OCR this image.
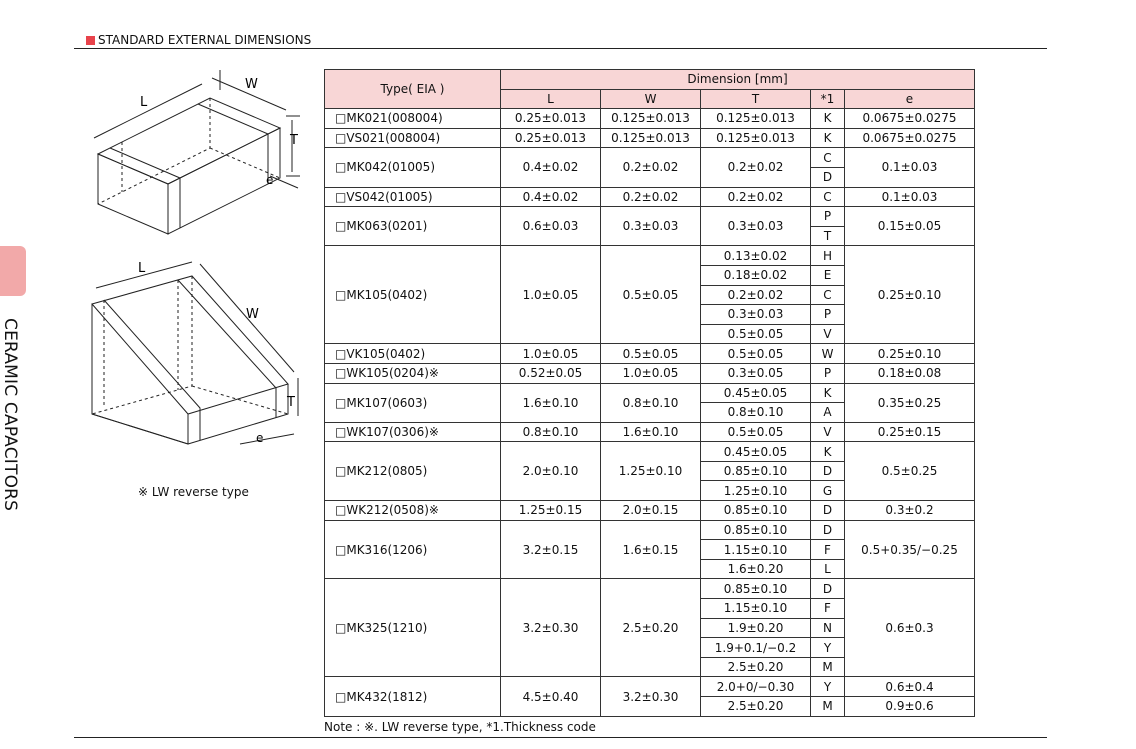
STANDARD EXTERNAL DIMENSIONS
CERAMIC CAPACITORS
L
W
T
e
L
W
T
e
※ LW reverse type
Type( EIA )	Dimension [mm]				
	L	W	T	*1	e
□MK021(008004)	0.25±0.013	0.125±0.013	0.125±0.013	K	0.0675±0.0275
□VS021(008004)	0.25±0.013	0.125±0.013	0.125±0.013	K	0.0675±0.0275
□MK042(01005)	0.4±0.02	0.2±0.02	0.2±0.02	C	0.1±0.03
				D	
□VS042(01005)	0.4±0.02	0.2±0.02	0.2±0.02	C	0.1±0.03
□MK063(0201)	0.6±0.03	0.3±0.03	0.3±0.03	P	0.15±0.05
				T	
□MK105(0402)	1.0±0.05	0.5±0.05	0.13±0.02	H	0.25±0.10
			0.18±0.02	E	
			0.2±0.02	C	
			0.3±0.03	P	
			0.5±0.05	V	
□VK105(0402)	1.0±0.05	0.5±0.05	0.5±0.05	W	0.25±0.10
□WK105(0204)※	0.52±0.05	1.0±0.05	0.3±0.05	P	0.18±0.08
□MK107(0603)	1.6±0.10	0.8±0.10	0.45±0.05	K	0.35±0.25
			0.8±0.10	A	
□WK107(0306)※	0.8±0.10	1.6±0.10	0.5±0.05	V	0.25±0.15
□MK212(0805)	2.0±0.10	1.25±0.10	0.45±0.05	K	0.5±0.25
			0.85±0.10	D	
			1.25±0.10	G	
□WK212(0508)※	1.25±0.15	2.0±0.15	0.85±0.10	D	0.3±0.2
□MK316(1206)	3.2±0.15	1.6±0.15	0.85±0.10	D	0.5+0.35/−0.25
			1.15±0.10	F	
			1.6±0.20	L	
□MK325(1210)	3.2±0.30	2.5±0.20	0.85±0.10	D	0.6±0.3
			1.15±0.10	F	
			1.9±0.20	N	
			1.9+0.1/−0.2	Y	
			2.5±0.20	M	
□MK432(1812)	4.5±0.40	3.2±0.30	2.0+0/−0.30	Y	0.6±0.4
			2.5±0.20	M	0.9±0.6
Note : ※. LW reverse type, *1.Thickness code
